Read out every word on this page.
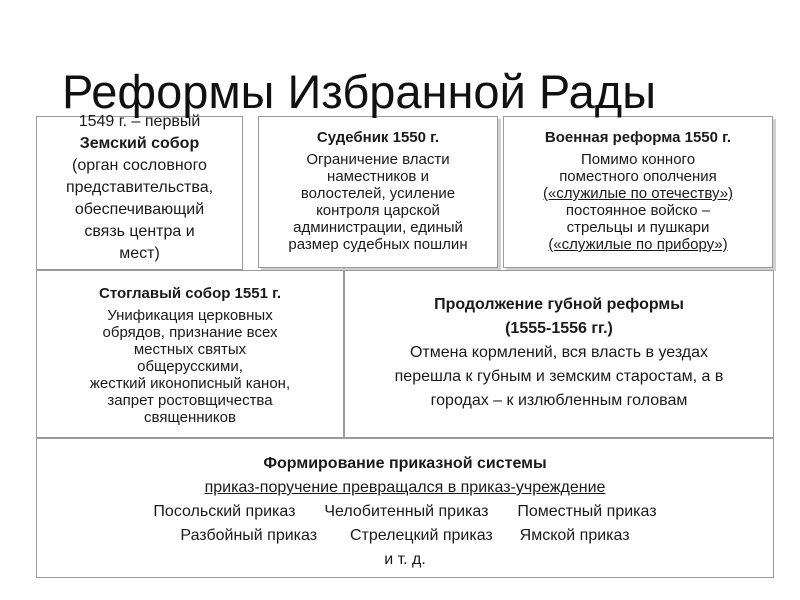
Реформы Избранной Рады
1549 г. – первый
Земский собор
(орган сословного
представительства,
обеспечивающий
связь центра и
мест)
Судебник 1550 г.
Ограничение власти
наместников и
волостелей, усиление
контроля царской
администрации, единый
размер судебных пошлин
Военная реформа 1550 г.
Помимо конного
поместного ополчения
(«служилые по отечеству»)
постоянное войско –
стрельцы и пушкари
(«служилые по прибору»)
Стоглавый собор 1551 г.
Унификация церковных
обрядов, признание всех
местных святых
общерусскими,
жесткий иконописный канон,
запрет ростовщичества
священников
Продолжение губной реформы
(1555-1556 гг.)
Отмена кормлений, вся власть в уездах
перешла к губным и земским старостам, а в
городах – к излюбленным головам
Формирование приказной системы
приказ-поручение превращался в приказ-учреждение
Посольский приказ Челобитенный приказ Поместный приказ
Разбойный приказ Стрелецкий приказ Ямской приказ
и т. д.
